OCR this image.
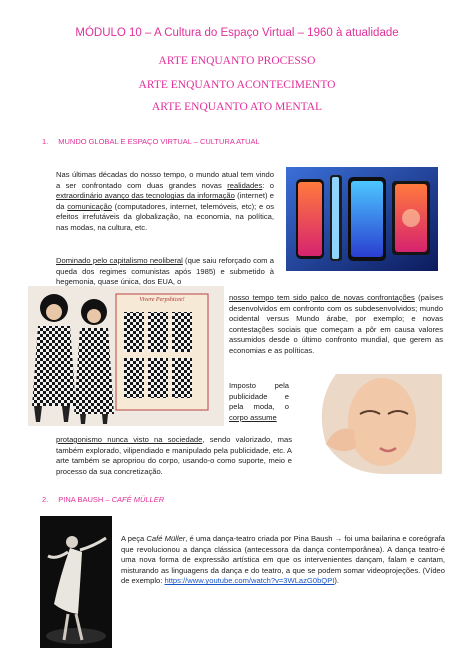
MÓDULO 10 – A Cultura do Espaço Virtual – 1960 à atualidade
ARTE ENQUANTO PROCESSO
ARTE ENQUANTO ACONTECIMENTO
ARTE ENQUANTO ATO MENTAL
1. MUNDO GLOBAL E ESPAÇO VIRTUAL – CULTURA ATUAL
Nas últimas décadas do nosso tempo, o mundo atual tem vindo a ser confrontado com duas grandes novas realidades: o extraordinário avanço das tecnologias da informação (internet) e da comunicação (computadores, internet, telemóveis, etc); e os efeitos irrefutáveis da globalização, na economia, na política, nas modas, na cultura, etc.
Dominado pelo capitalismo neoliberal (que saiu reforçado com a queda dos regimes comunistas após 1985) e submetido à hegemonia, quase única, dos EUA, o
nosso tempo tem sido palco de novas confrontações (países desenvolvidos em confronto com os subdesenvolvidos; mundo ocidental versus Mundo árabe, por exemplo; e novas contestações sociais que começam a pôr em causa valores assumidos desde o último confronto mundial, que gerem as economias e as políticas.
Imposto pela publicidade e pela moda, o corpo assume
protagonismo nunca visto na sociedade, sendo valorizado, mas também explorado, vilipendiado e manipulado pela publicidade, etc. A arte também se apropriou do corpo, usando-o como suporte, meio e processo da sua concretização.
2. PINA BAUSH – CAFÉ MÜLLER
A peça Café Müller, é uma dança-teatro criada por Pina Baush → foi uma bailarina e coreógrafa que revolucionou a dança clássica (antecessora da dança contemporânea). A dança teatro-é uma nova forma de expressão artística em que os intervenientes dançam, falam e cantam, misturando as linguagens da dança e do teatro, a que se podem somar videoprojeções. (Vídeo de exemplo: https://www.youtube.com/watch?v=3WLazG0bQPI).
Vivere Perpshicee!
